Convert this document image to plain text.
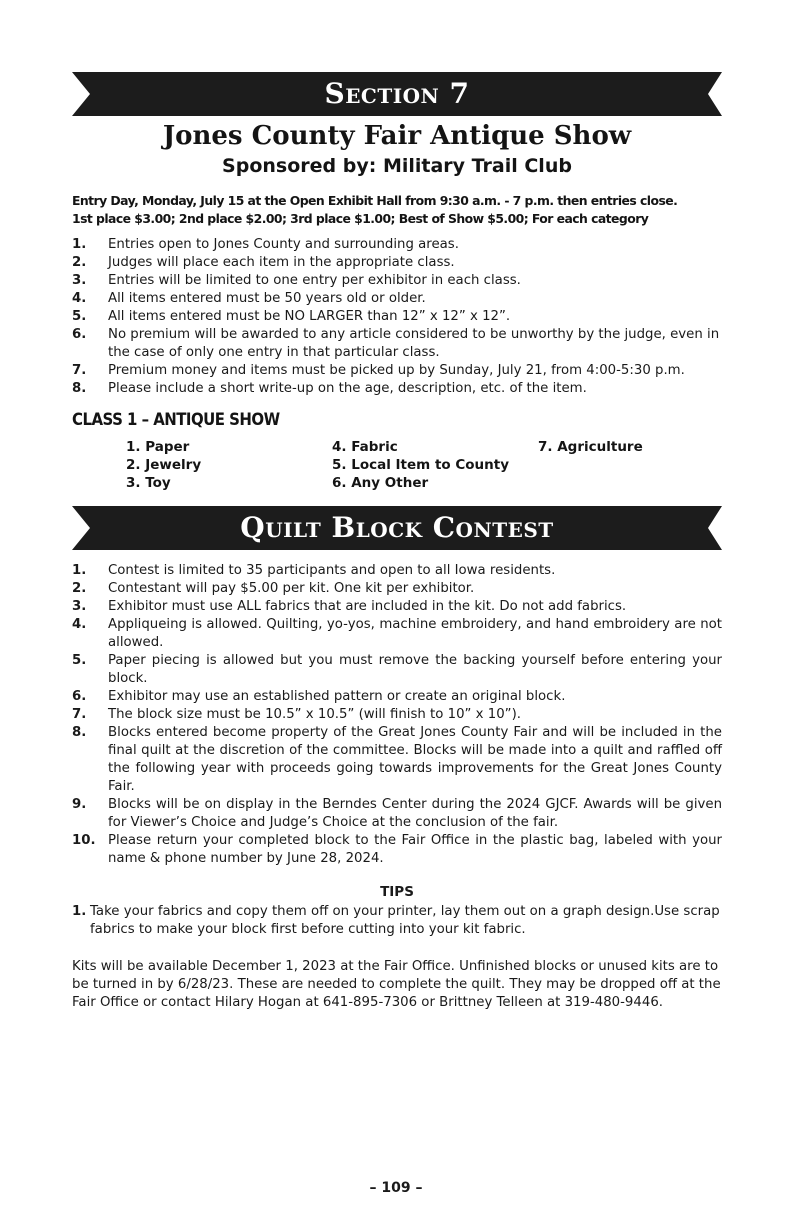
Section 7
Jones County Fair Antique Show
Sponsored by: Military Trail Club
Entry Day, Monday, July 15 at the Open Exhibit Hall from 9:30 a.m. - 7 p.m. then entries close.
1st place $3.00; 2nd place $2.00; 3rd place $1.00; Best of Show $5.00; For each category
1.	Entries open to Jones County and surrounding areas.
2.	Judges will place each item in the appropriate class.
3.	Entries will be limited to one entry per exhibitor in each class.
4.	All items entered must be 50 years old or older.
5.	All items entered must be NO LARGER than 12” x 12” x 12”.
6.	No premium will be awarded to any article considered to be unworthy by the judge, even in the case of only one entry in that particular class.
7.	Premium money and items must be picked up by Sunday, July 21, from 4:00-5:30 p.m.
8.	Please include a short write-up on the age, description, etc. of the item.
CLASS 1 – ANTIQUE SHOW
1. Paper	4. Fabric	7. Agriculture
2. Jewelry	5. Local Item to County
3. Toy	6. Any Other
Quilt Block Contest
1.	Contest is limited to 35 participants and open to all Iowa residents.
2.	Contestant will pay $5.00 per kit. One kit per exhibitor.
3.	Exhibitor must use ALL fabrics that are included in the kit. Do not add fabrics.
4.	Appliqueing is allowed. Quilting, yo-yos, machine embroidery, and hand embroidery are not allowed.
5.	Paper piecing is allowed but you must remove the backing yourself before entering your block.
6.	Exhibitor may use an established pattern or create an original block.
7.	The block size must be 10.5” x 10.5” (will finish to 10” x 10”).
8.	Blocks entered become property of the Great Jones County Fair and will be included in the final quilt at the discretion of the committee. Blocks will be made into a quilt and raffled off the following year with proceeds going towards improvements for the Great Jones County Fair.
9.	Blocks will be on display in the Berndes Center during the 2024 GJCF. Awards will be given for Viewer’s Choice and Judge’s Choice at the conclusion of the fair.
10. Please return your completed block to the Fair Office in the plastic bag, labeled with your name & phone number by June 28, 2024.
TIPS
1. Take your fabrics and copy them off on your printer, lay them out on a graph design.Use scrap fabrics to make your block first before cutting into your kit fabric.
Kits will be available December 1, 2023 at the Fair Office. Unfinished blocks or unused kits are to be turned in by 6/28/23. These are needed to complete the quilt. They may be dropped off at the Fair Office or contact Hilary Hogan at 641-895-7306 or Brittney Telleen at 319-480-9446.
– 109 –
